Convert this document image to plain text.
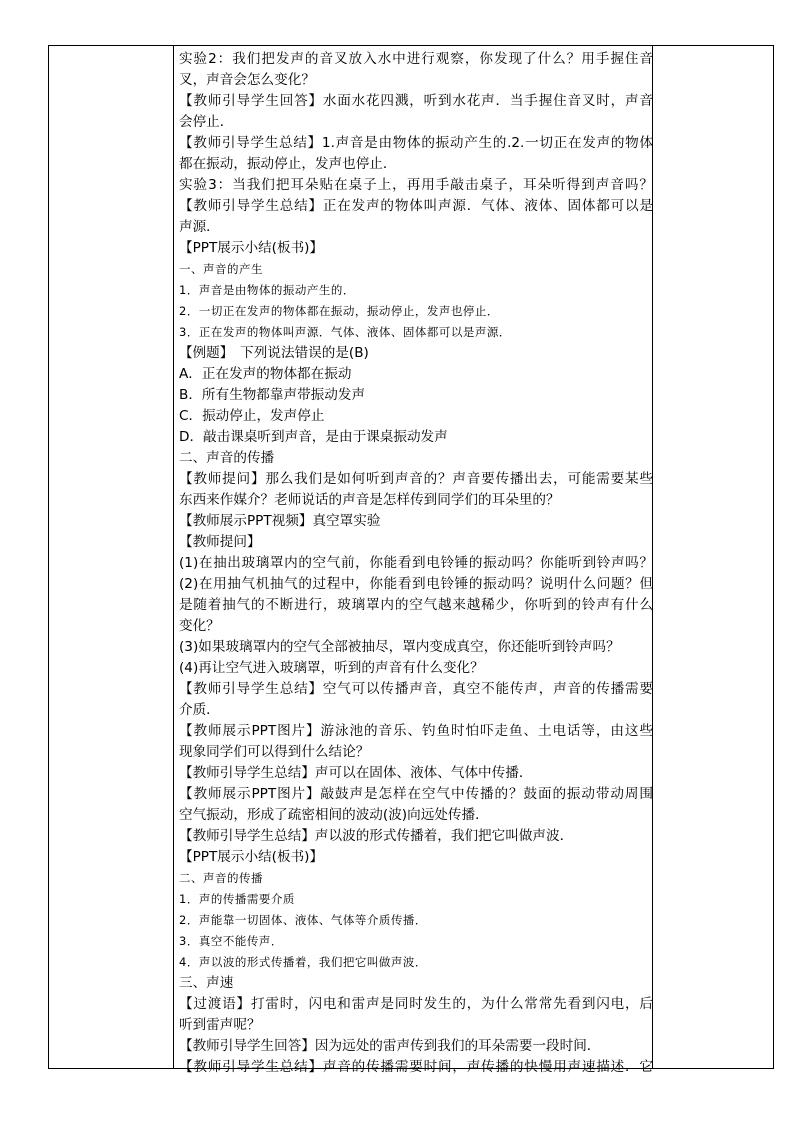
实验2：我们把发声的音叉放入水中进行观察，你发现了什么？用手握住音
叉，声音会怎么变化？
【教师引导学生回答】水面水花四溅，听到水花声．当手握住音叉时，声音
会停止．
【教师引导学生总结】1.声音是由物体的振动产生的.2.一切正在发声的物体
都在振动，振动停止，发声也停止．
实验3：当我们把耳朵贴在桌子上，再用手敲击桌子，耳朵听得到声音吗？
【教师引导学生总结】正在发声的物体叫声源．气体、液体、固体都可以是
声源．
【PPT展示小结(板书)】
一、声音的产生
1．声音是由物体的振动产生的．
2．一切正在发声的物体都在振动，振动停止，发声也停止．
3．正在发声的物体叫声源．气体、液体、固体都可以是声源．
【例题】　下列说法错误的是(B)
A．正在发声的物体都在振动
B．所有生物都靠声带振动发声
C．振动停止，发声停止
D．敲击课桌听到声音，是由于课桌振动发声
二、声音的传播
【教师提问】那么我们是如何听到声音的？声音要传播出去，可能需要某些
东西来作媒介？老师说话的声音是怎样传到同学们的耳朵里的？
【教师展示PPT视频】真空罩实验
【教师提问】
(1)在抽出玻璃罩内的空气前，你能看到电铃锤的振动吗？你能听到铃声吗？
(2)在用抽气机抽气的过程中，你能看到电铃锤的振动吗？说明什么问题？但
是随着抽气的不断进行，玻璃罩内的空气越来越稀少，你听到的铃声有什么
变化？
(3)如果玻璃罩内的空气全部被抽尽，罩内变成真空，你还能听到铃声吗？
(4)再让空气进入玻璃罩，听到的声音有什么变化？
【教师引导学生总结】空气可以传播声音，真空不能传声，声音的传播需要
介质．
【教师展示PPT图片】游泳池的音乐、钓鱼时怕吓走鱼、土电话等，由这些
现象同学们可以得到什么结论？
【教师引导学生总结】声可以在固体、液体、气体中传播．
【教师展示PPT图片】敲鼓声是怎样在空气中传播的？鼓面的振动带动周围
空气振动，形成了疏密相间的波动(波)向远处传播．
【教师引导学生总结】声以波的形式传播着，我们把它叫做声波．
【PPT展示小结(板书)】
二、声音的传播
1．声的传播需要介质
2．声能靠一切固体、液体、气体等介质传播．
3．真空不能传声．
4．声以波的形式传播着，我们把它叫做声波．
三、声速
【过渡语】打雷时，闪电和雷声是同时发生的，为什么常常先看到闪电，后
听到雷声呢？
【教师引导学生回答】因为远处的雷声传到我们的耳朵需要一段时间．
【教师引导学生总结】声音的传播需要时间，声传播的快慢用声速描述．它
